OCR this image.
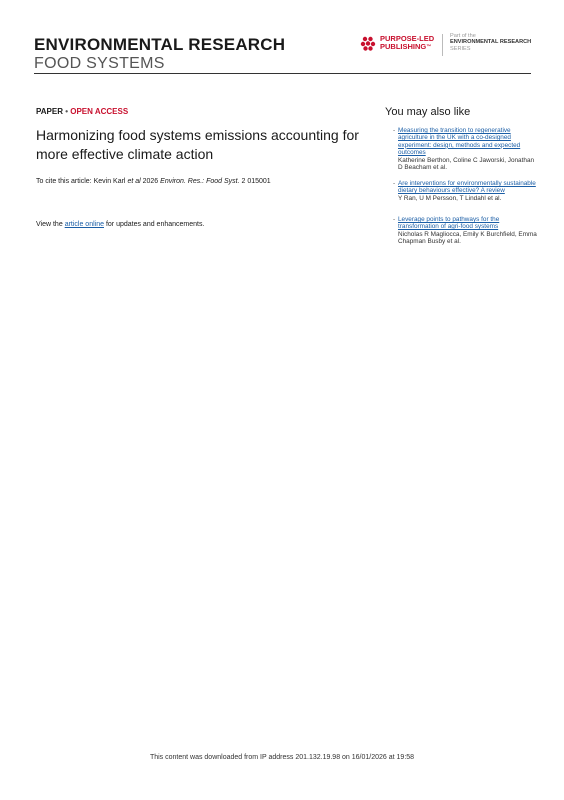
ENVIRONMENTAL RESEARCH
FOOD SYSTEMS
PURPOSE-LED
PUBLISHING™
Part of the
ENVIRONMENTAL RESEARCH
SERIES
PAPER • OPEN ACCESS
Harmonizing food systems emissions accounting for more effective climate action
To cite this article: Kevin Karl et al 2026 Environ. Res.: Food Syst. 2 015001
View the article online for updates and enhancements.
You may also like
- Measuring the transition to regenerative agriculture in the UK with a co-designed experiment: design, methods and expected outcomes
Katherine Berthon, Coline C Jaworski, Jonathan D Beacham et al.
- Are interventions for environmentally sustainable dietary behaviours effective? A review
Y Ran, U M Persson, T Lindahl et al.
- Leverage points to pathways for the transformation of agri-food systems
Nicholas R Magliocca, Emily K Burchfield, Emma Chapman Busby et al.
This content was downloaded from IP address 201.132.19.98 on 16/01/2026 at 19:58
